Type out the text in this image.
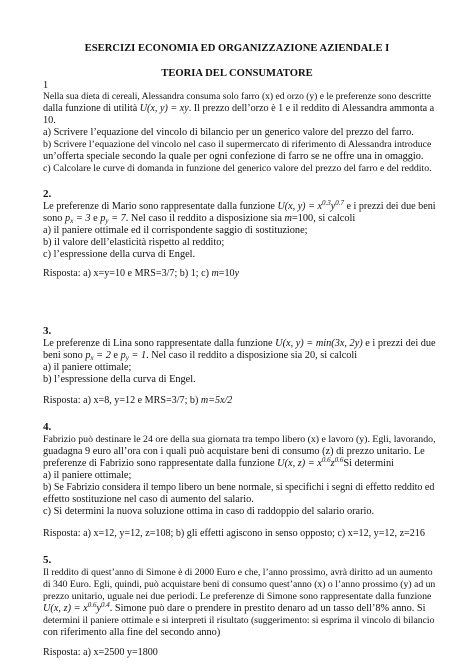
ESERCIZI ECONOMIA ED ORGANIZZAZIONE AZIENDALE I
TEORIA DEL CONSUMATORE
1
Nella sua dieta di cereali, Alessandra consuma solo farro (x) ed orzo (y) e le preferenze sono descritte
dalla funzione di utilità U(x, y) = xy. Il prezzo dell’orzo è 1 e il reddito di Alessandra ammonta a
10.
a) Scrivere l’equazione del vincolo di bilancio per un generico valore del prezzo del farro.
b) Scrivere l’equazione del vincolo nel caso il supermercato di riferimento di Alessandra introduce
un’offerta speciale secondo la quale per ogni confezione di farro se ne offre una in omaggio.
c) Calcolare le curve di domanda in funzione del generico valore del prezzo del farro e del reddito.
2.
Le preferenze di Mario sono rappresentate dalla funzione U(x, $y) = x^{0.3}y^{0.7}$ e i prezzi dei due beni
sono $p_x = 3$ e $p_y = 7$. Nel caso il reddito a disposizione sia m=100, si calcoli
a) il paniere ottimale ed il corrispondente saggio di sostituzione;
b) il valore dell’elasticità rispetto al reddito;
c) l’espressione della curva di Engel.
Risposta: a) x=y=10 e MRS=3/7; b) 1; c) m=10y
3.
Le preferenze di Lina sono rappresentate dalla funzione U(x, y) = min(3x, 2y) e i prezzi dei due
beni sono $p_x = 2$ e $p_y = 1$. Nel caso il reddito a disposizione sia 20, si calcoli
a) il paniere ottimale;
b) l’espressione della curva di Engel.
Risposta: a) x=8, y=12 e MRS=3/7; b) m=5x/2
4.
Fabrizio può destinare le 24 ore della sua giornata tra tempo libero (x) e lavoro (y). Egli, lavorando,
guadagna 9 euro all’ora con i quali può acquistare beni di consumo (z) di prezzo unitario. Le
preferenze di Fabrizio sono rappresentate dalla funzione U(x, $z) = x^{0.6}z^{0.6}Si$ determini
a) il paniere ottimale;
b) Se Fabrizio considera il tempo libero un bene normale, si specifichi i segni di effetto reddito ed
effetto sostituzione nel caso di aumento del salario.
c) Si determini la nuova soluzione ottima in caso di raddoppio del salario orario.
Risposta: a) x=12, y=12, z=108; b) gli effetti agiscono in senso opposto; c) x=12, y=12, z=216
5.
Il reddito di quest’anno di Simone è di 2000 Euro e che, l’anno prossimo, avrà diritto ad un aumento
di 340 Euro. Egli, quindi, può acquistare beni di consumo quest’anno (x) o l’anno prossimo (y) ad un
prezzo unitario, uguale nei due periodi. Le preferenze di Simone sono rappresentate dalla funzione
U(x, $z) = x^{0.6}y^{0.4}$. Simone può dare o prendere in prestito denaro ad un tasso dell’8% anno. Si
determini il paniere ottimale e si interpreti il risultato (suggerimento: si esprima il vincolo di bilancio
con riferimento alla fine del secondo anno)
Risposta: a) x=2500 y=1800
